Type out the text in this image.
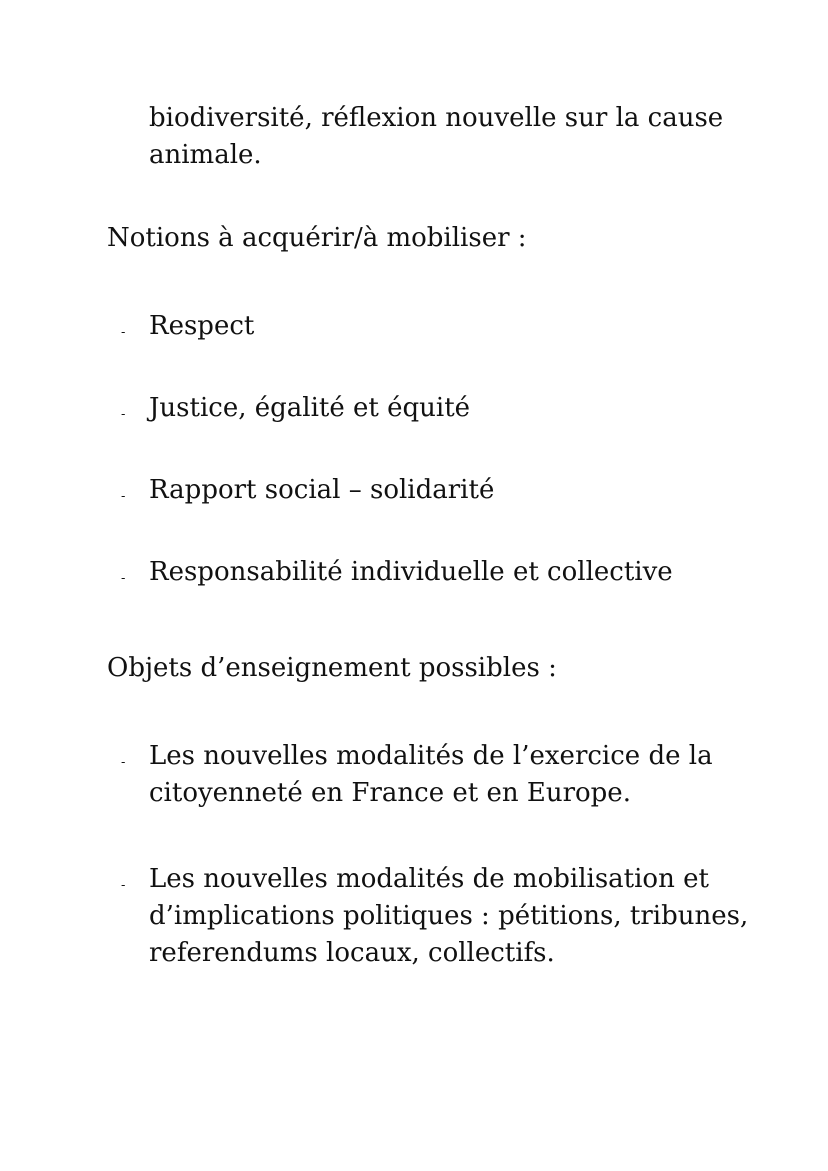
biodiversité, réflexion nouvelle sur la cause animale.

Notions à acquérir/à mobiliser :

- Respect
- Justice, égalité et équité
- Rapport social – solidarité
- Responsabilité individuelle et collective

Objets d’enseignement possibles :

- Les nouvelles modalités de l’exercice de la citoyenneté en France et en Europe.
- Les nouvelles modalités de mobilisation et d’implications politiques : pétitions, tribunes, referendums locaux, collectifs.
